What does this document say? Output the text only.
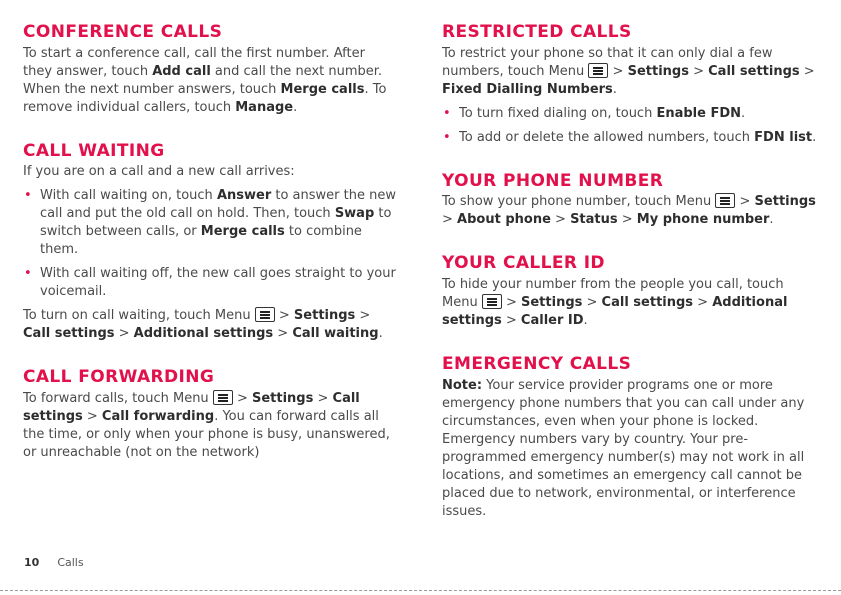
CONFERENCE CALLS

To start a conference call, call the first number. After they answer, touch Add call and call the next number. When the next number answers, touch Merge calls. To remove individual callers, touch Manage.

CALL WAITING

If you are on a call and a new call arrives:

• With call waiting on, touch Answer to answer the new call and put the old call on hold. Then, touch Swap to switch between calls, or Merge calls to combine them.
• With call waiting off, the new call goes straight to your voicemail.

To turn on call waiting, touch Menu  > Settings > Call settings > Additional settings > Call waiting.

CALL FORWARDING

To forward calls, touch Menu  > Settings > Call settings > Call forwarding. You can forward calls all the time, or only when your phone is busy, unanswered, or unreachable (not on the network)

RESTRICTED CALLS

To restrict your phone so that it can only dial a few numbers, touch Menu  > Settings > Call settings > Fixed Dialling Numbers.

• To turn fixed dialing on, touch Enable FDN.
• To add or delete the allowed numbers, touch FDN list.
YOUR PHONE NUMBER

To show your phone number, touch Menu  > Settings > About phone > Status > My phone number.

YOUR CALLER ID

To hide your number from the people you call, touch Menu  > Settings > Call settings > Additional settings > Caller ID.

EMERGENCY CALLS

Note: Your service provider programs one or more emergency phone numbers that you can call under any circumstances, even when your phone is locked. Emergency numbers vary by country. Your pre-programmed emergency number(s) may not work in all locations, and sometimes an emergency call cannot be placed due to network, environmental, or interference issues.

10 Calls
